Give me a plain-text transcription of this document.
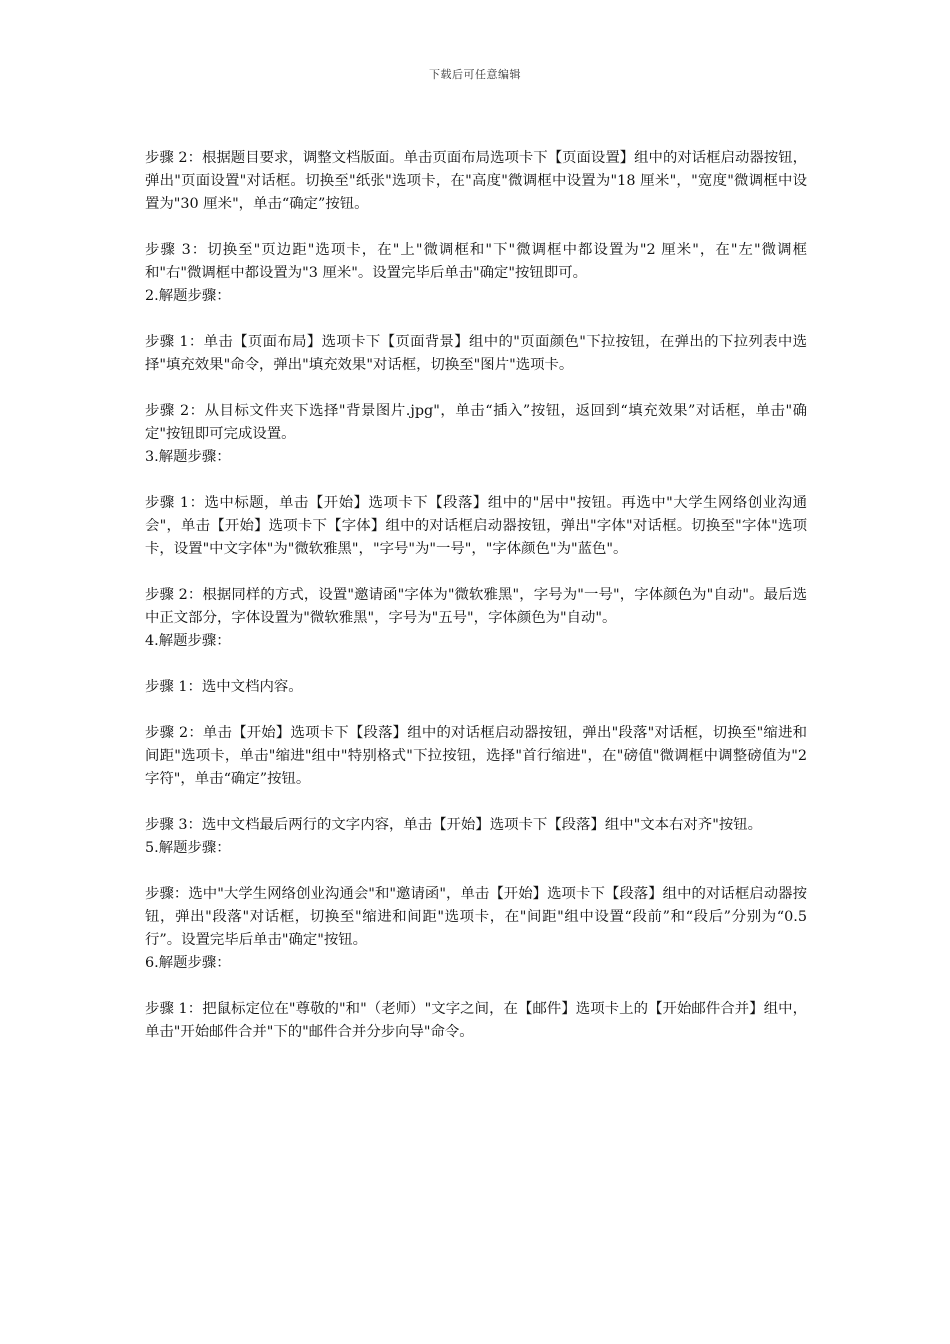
下载后可任意编辑

步骤 2：根据题目要求，调整文档版面。单击页面布局选项卡下【页面设置】组中的对话框启动器按钮，弹出"页面设置"对话框。切换至"纸张"选项卡，在"高度"微调框中设置为"18 厘米"，"宽度"微调框中设置为"30 厘米"，单击“确定”按钮。

步骤 3：切换至"页边距"选项卡，在"上"微调框和"下"微调框中都设置为"2 厘米"，在"左"微调框和"右"微调框中都设置为"3 厘米"。设置完毕后单击"确定"按钮即可。

2.解题步骤：

步骤 1：单击【页面布局】选项卡下【页面背景】组中的"页面颜色"下拉按钮，在弹出的下拉列表中选择"填充效果"命令，弹出"填充效果"对话框，切换至"图片"选项卡。

步骤 2：从目标文件夹下选择"背景图片.jpg"，单击“插入”按钮，返回到“填充效果”对话框，单击"确定"按钮即可完成设置。

3.解题步骤：

步骤 1：选中标题，单击【开始】选项卡下【段落】组中的"居中"按钮。再选中"大学生网络创业沟通会"，单击【开始】选项卡下【字体】组中的对话框启动器按钮，弹出"字体"对话框。切换至"字体"选项卡，设置"中文字体"为"微软雅黑"，"字号"为"一号"，"字体颜色"为"蓝色"。

步骤 2：根据同样的方式，设置"邀请函"字体为"微软雅黑"，字号为"一号"，字体颜色为"自动"。最后选中正文部分，字体设置为"微软雅黑"，字号为"五号"，字体颜色为"自动"。

4.解题步骤：

步骤 1：选中文档内容。

步骤 2：单击【开始】选项卡下【段落】组中的对话框启动器按钮，弹出"段落"对话框，切换至"缩进和间距"选项卡，单击"缩进"组中"特别格式"下拉按钮，选择"首行缩进"，在"磅值"微调框中调整磅值为"2 字符"，单击“确定”按钮。

步骤 3：选中文档最后两行的文字内容，单击【开始】选项卡下【段落】组中"文本右对齐"按钮。

5.解题步骤：

步骤：选中"大学生网络创业沟通会"和"邀请函"，单击【开始】选项卡下【段落】组中的对话框启动器按钮，弹出"段落"对话框，切换至"缩进和间距"选项卡，在"间距"组中设置“段前”和“段后”分别为“0.5 行”。设置完毕后单击"确定"按钮。

6.解题步骤：

步骤 1：把鼠标定位在"尊敬的"和"（老师）"文字之间，在【邮件】选项卡上的【开始邮件合并】组中，单击"开始邮件合并"下的"邮件合并分步向导"命令。
